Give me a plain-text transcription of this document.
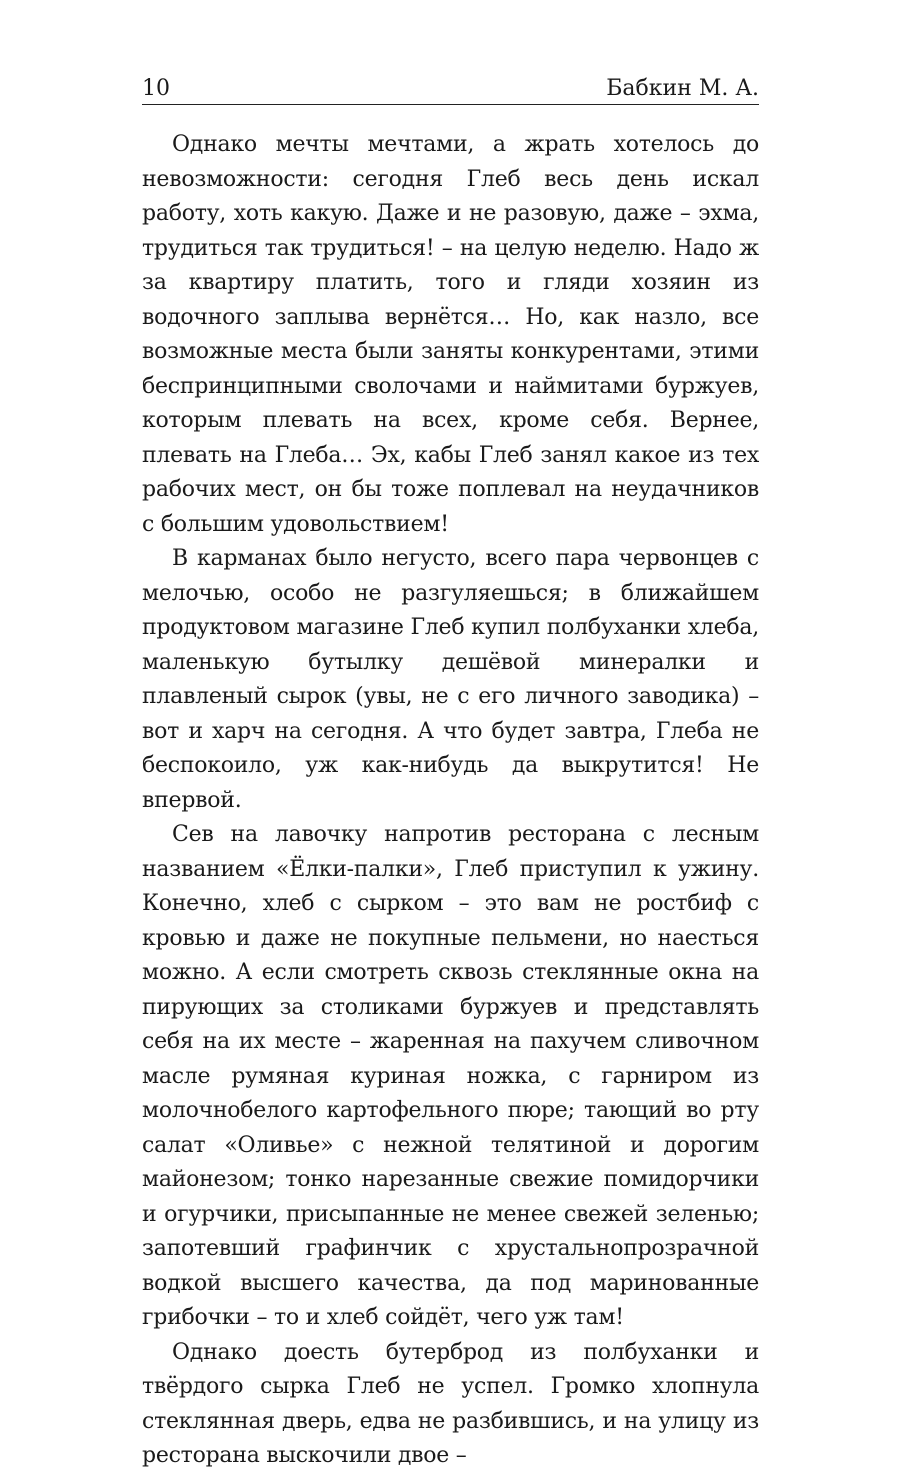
10	Бабкин М. А.

Однако мечты мечтами, а жрать хотелось до невозможности: сегодня Глеб весь день искал работу, хоть какую. Даже и не разовую, даже – эхма, трудиться так трудиться! – на целую неделю. Надо ж за квартиру платить, того и гляди хозяин из водочного заплыва вернётся… Но, как назло, все возможные места были заняты конкурентами, этими беспринципными сволочами и наймитами буржуев, которым плевать на всех, кроме себя. Вернее, плевать на Глеба… Эх, кабы Глеб занял какое из тех рабочих мест, он бы тоже поплевал на неудачников с большим удовольствием!

В карманах было негусто, всего пара червонцев с мелочью, особо не разгуляешься; в ближайшем продуктовом магазине Глеб купил полбуханки хлеба, маленькую бутылку дешёвой минералки и плавленый сырок (увы, не с его личного заводика) – вот и харч на сегодня. А что будет завтра, Глеба не беспокоило, уж как-нибудь да выкрутится! Не впервой.

Сев на лавочку напротив ресторана с лесным названием «Ёлки-палки», Глеб приступил к ужину. Конечно, хлеб с сырком – это вам не ростбиф с кровью и даже не покупные пельмени, но наесться можно. А если смотреть сквозь стеклянные окна на пирующих за столиками буржуев и представлять себя на их месте – жаренная на пахучем сливочном масле румяная куриная ножка, с гарниром из молочнобелого картофельного пюре; тающий во рту салат «Оливье» с нежной телятиной и дорогим майонезом; тонко нарезанные свежие помидорчики и огурчики, присыпанные не менее свежей зеленью; запотевший графинчик с хрустальнопрозрачной водкой высшего качества, да под маринованные грибочки – то и хлеб сойдёт, чего уж там!

Однако доесть бутерброд из полбуханки и твёрдого сырка Глеб не успел. Громко хлопнула стеклянная дверь, едва не разбившись, и на улицу из ресторана выскочили двое –
